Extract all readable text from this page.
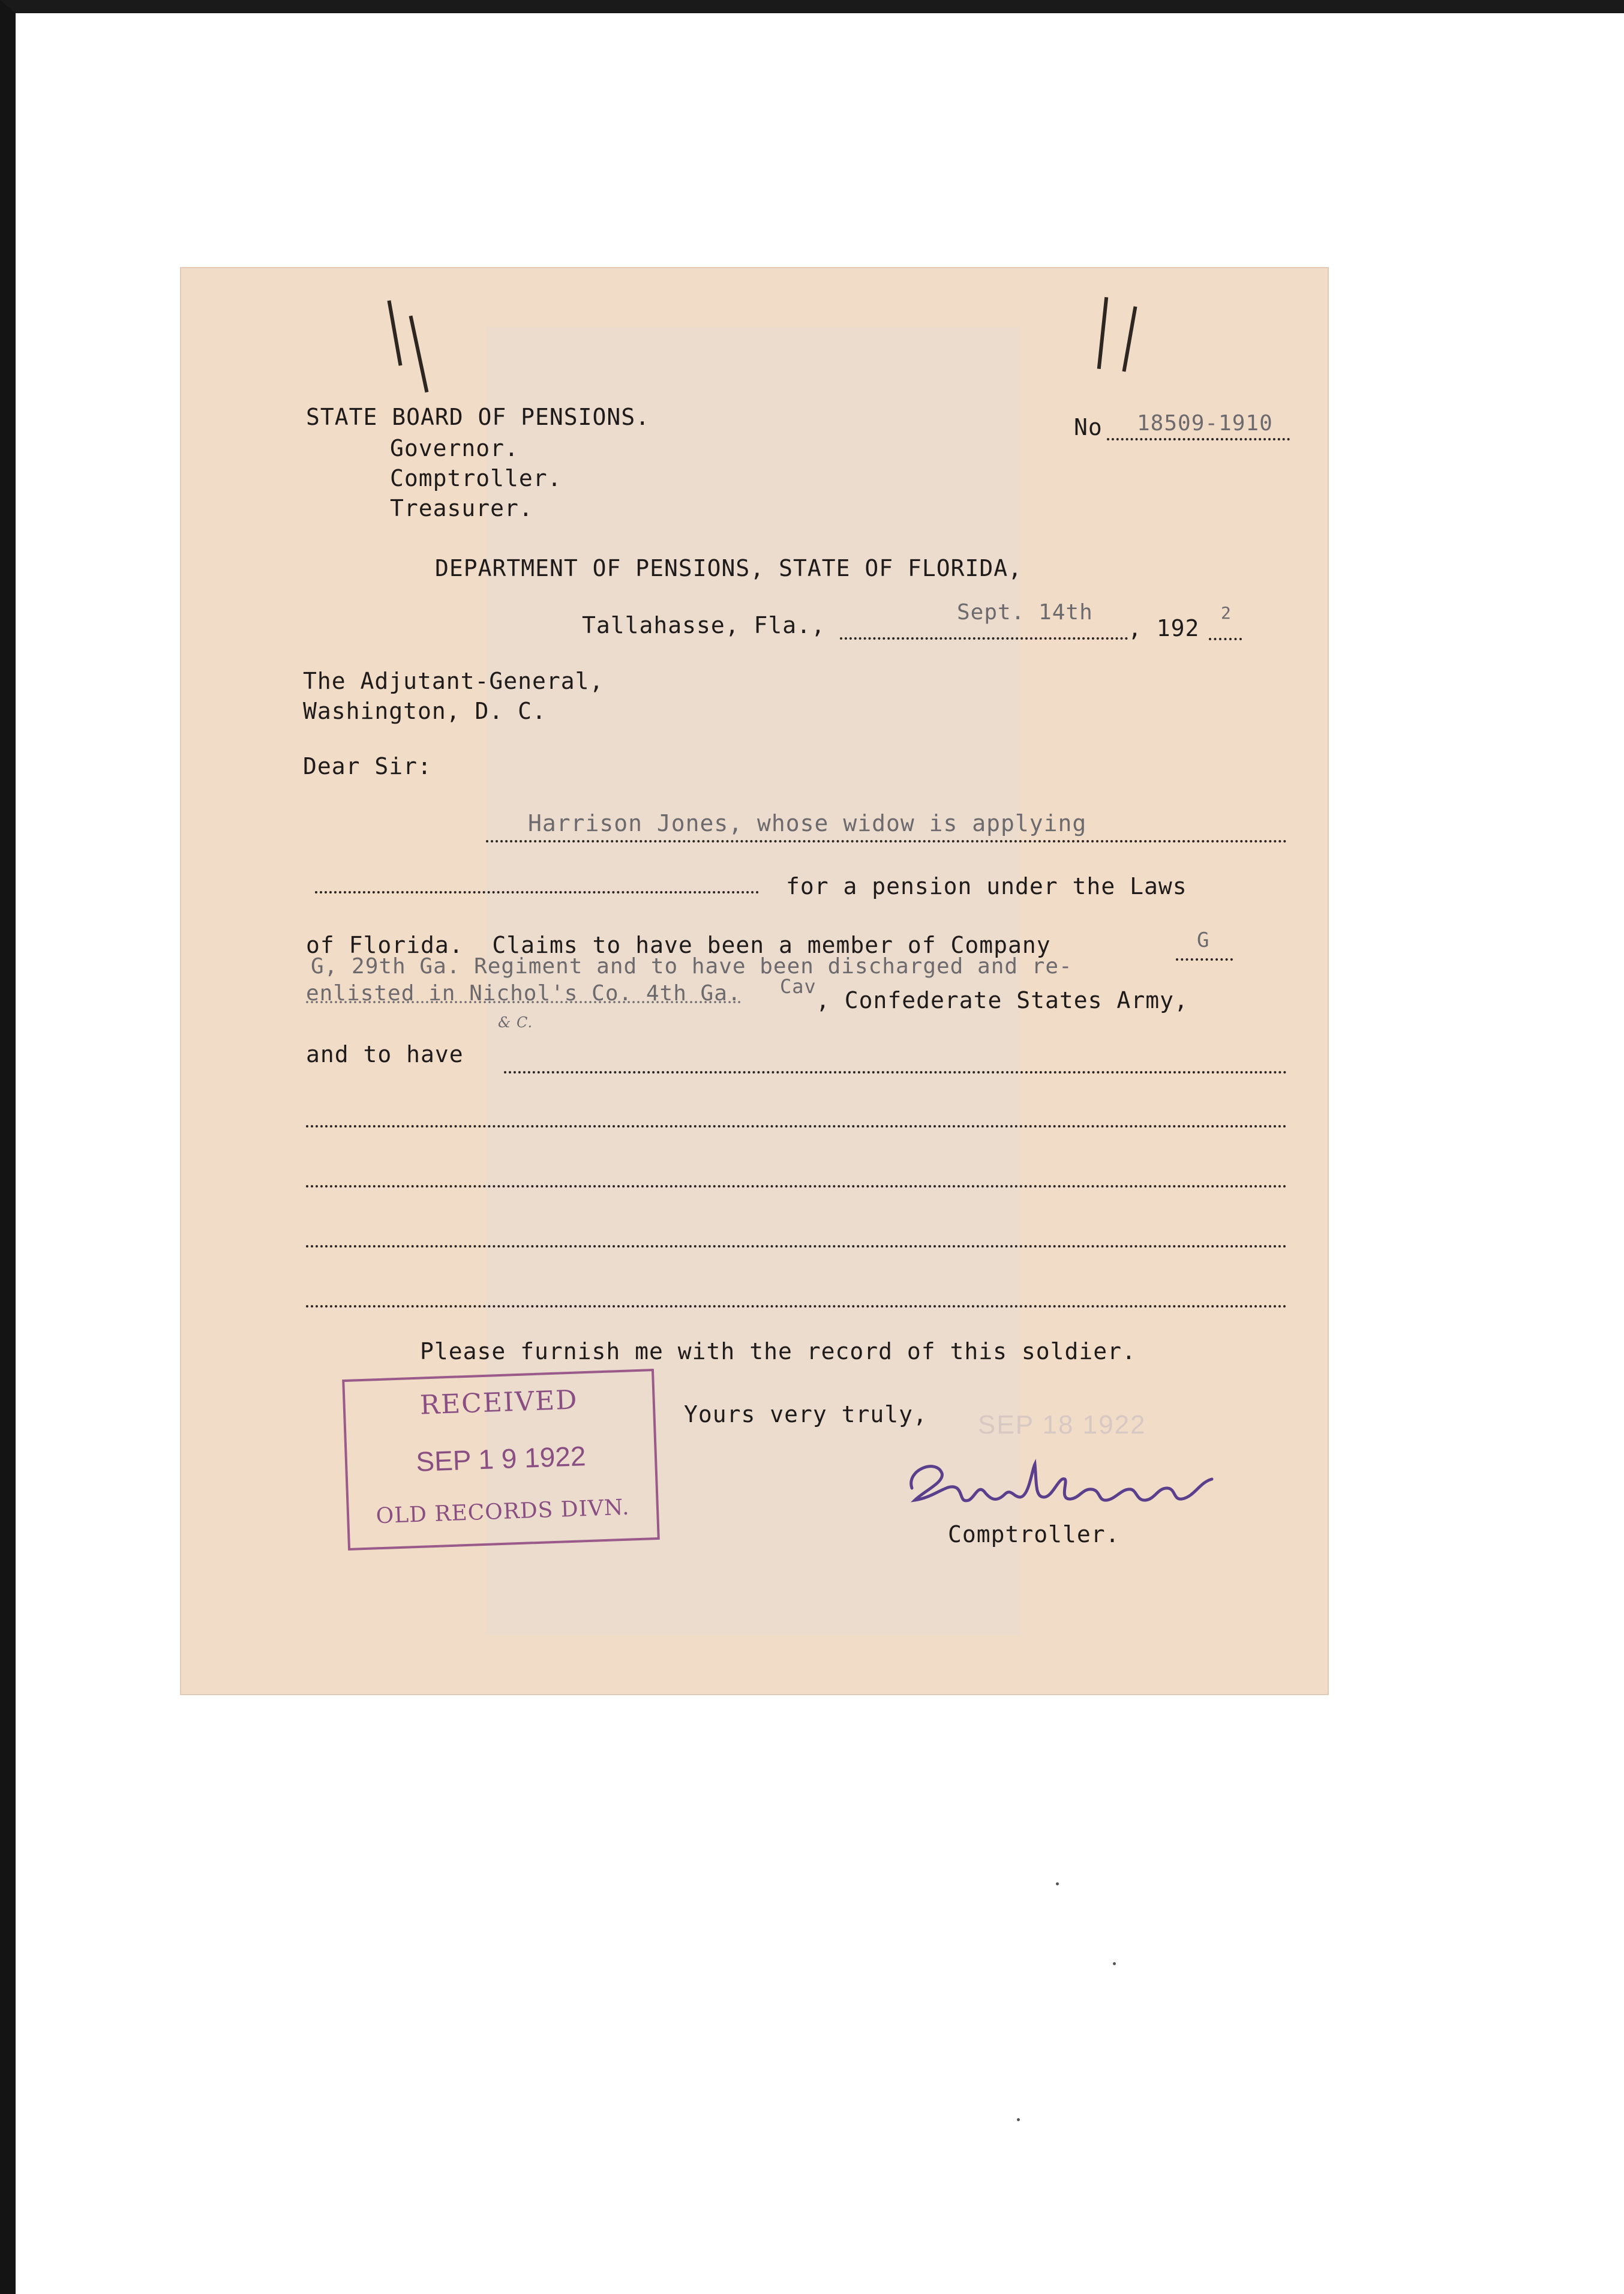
STATE BOARD OF PENSIONS.
Governor.
Comptroller.
Treasurer.
No 18509-1910
DEPARTMENT OF PENSIONS, STATE OF FLORIDA,
Tallahasse, Fla.,	Sept. 14th
, 192
2
The Adjutant-General,
Washington, D. C.
Dear Sir:
Harrison Jones, whose widow is applying
for a pension under the Laws
of Florida.  Claims to have been a member of Company	G
G, 29th Ga. Regiment and to have been discharged and re-
enlisted in Nichol's Co. 4th Ga. Cav
, Confederate States Army,
& C.
and to have
Please furnish me with the record of this soldier.
Yours very truly, SEP 18 1922
Comptroller.
RECEIVED
SEP 1 9 1922
OLD RECORDS DIVN.
